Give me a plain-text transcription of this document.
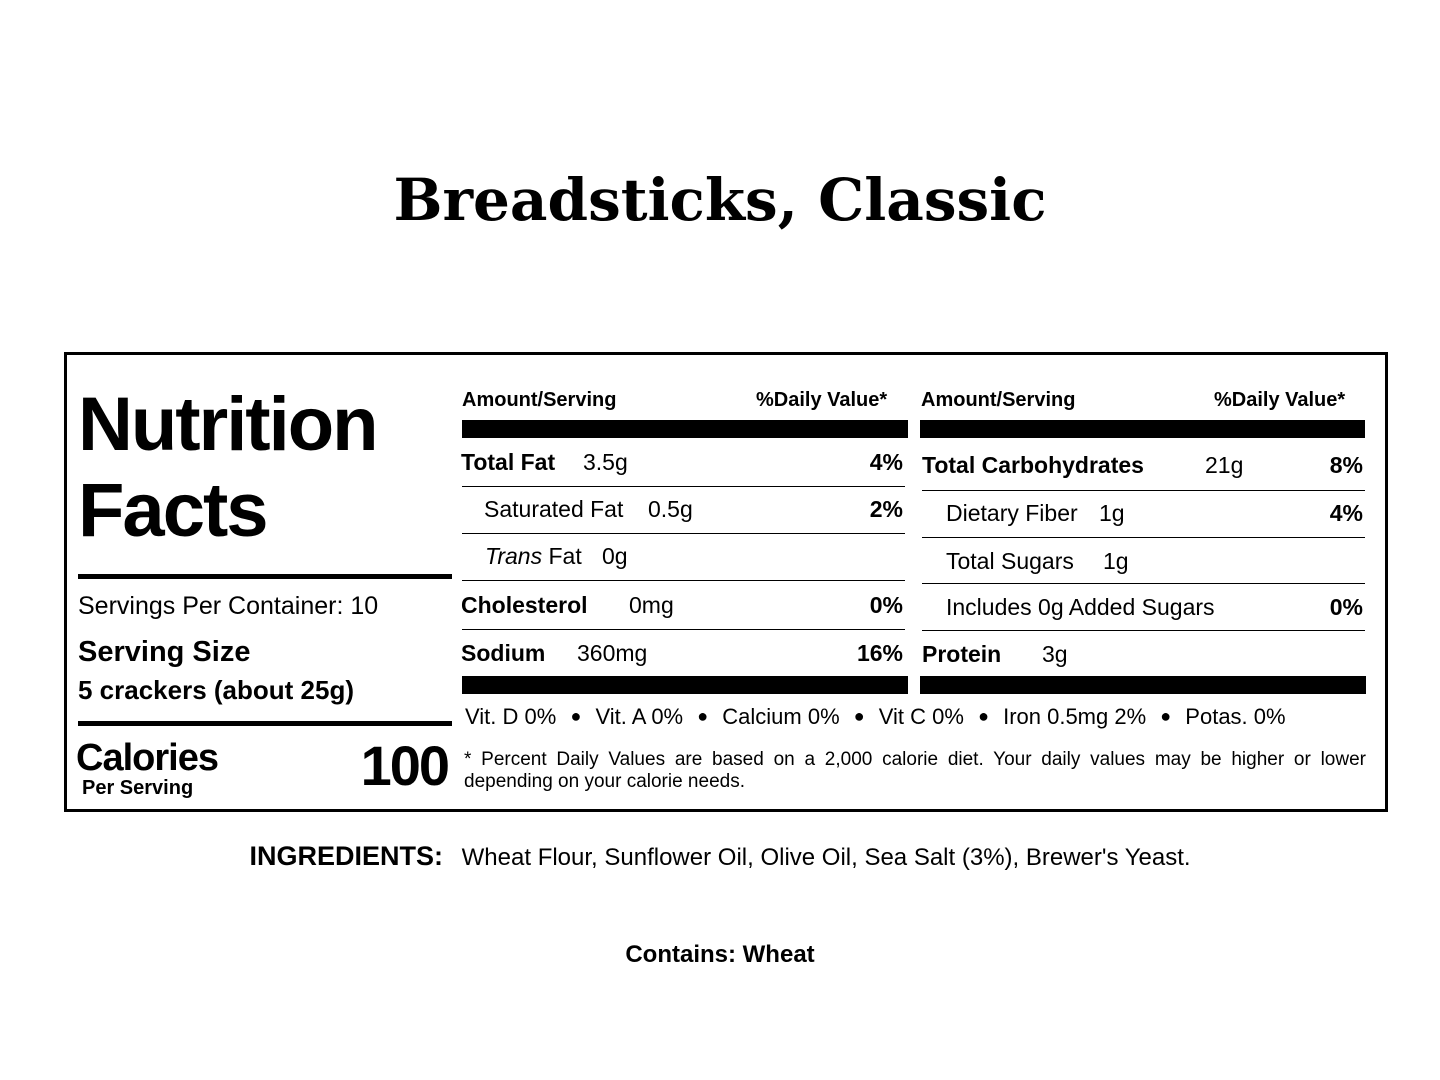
Breadsticks, Classic
Nutrition
Facts
Servings Per Container: 10
Serving Size
5 crackers (about 25g)
Calories
Per Serving	100
Amount/Serving	%Daily Value*
Total Fat 3.5g	4%
Saturated Fat 0.5g	2%
Trans Fat 0g
Cholesterol 0mg	0%
Sodium 360mg	16%
Amount/Serving	%Daily Value*
Total Carbohydrates	21g	8%
Dietary Fiber 1g	4%
Total Sugars 1g
Includes 0g Added Sugars	0%
Protein 3g
Vit. D 0% ● Vit. A 0% ● Calcium 0% ● Vit C 0% ● Iron 0.5mg 2% ● Potas. 0%
* Percent Daily Values are based on a 2,000 calorie diet. Your daily values may be higher or lower depending on your calorie needs.
INGREDIENTS: Wheat Flour, Sunflower Oil, Olive Oil, Sea Salt (3%), Brewer's Yeast.
Contains: Wheat
